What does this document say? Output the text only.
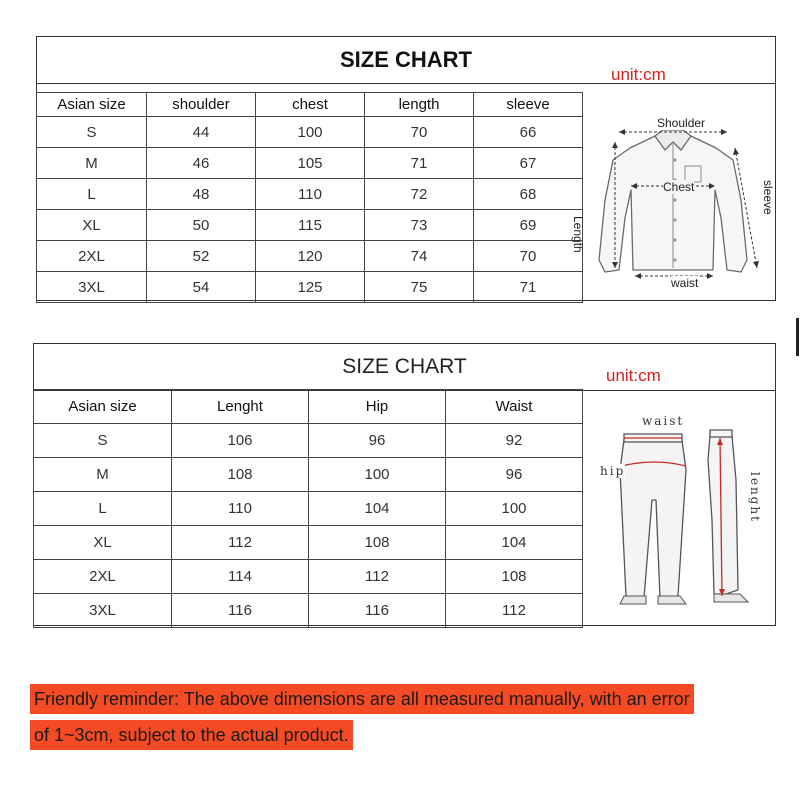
SIZE CHART
unit:cm
Asian size	shoulder	chest	length	sleeve
S	44	100	70	66
M	46	105	71	67
L	48	110	72	68
XL	50	115	73	69
2XL	52	120	74	70
3XL	54	125	75	71
Shoulder
Chest
Length
sleeve
waist
SIZE CHART	unit:cm
Asian size	Lenght	Hip	Waist
S	106	96	92
M	108	100	96
L	110	104	100
XL	112	108	104
2XL	114	112	108
3XL	116	116	112
waist
hip
lenght
Friendly reminder: The above dimensions are all measured manually, with an error
of 1~3cm, subject to the actual product.
